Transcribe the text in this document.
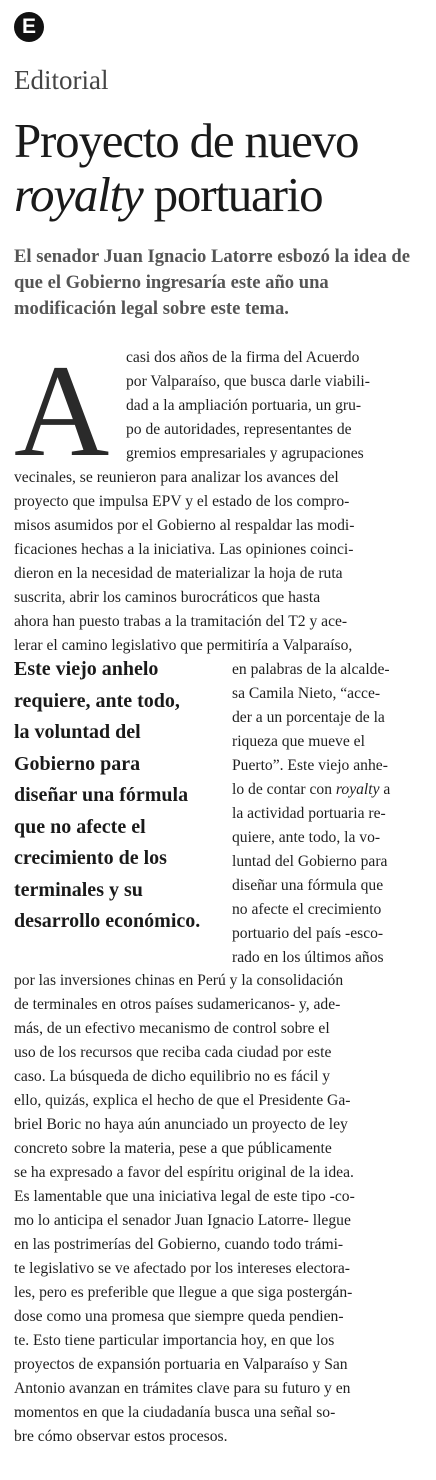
E
Editorial
Proyecto de nuevo
royalty portuario

El senador Juan Ignacio Latorre esbozó la idea de que el Gobierno ingresaría este año una modificación legal sobre este tema.

A casi dos años de la firma del Acuerdo
por Valparaíso, que busca darle viabili-
dad a la ampliación portuaria, un gru-
po de autoridades, representantes de
gremios empresariales y agrupaciones

vecinales, se reunieron para analizar los avances del
proyecto que impulsa EPV y el estado de los compro-
misos asumidos por el Gobierno al respaldar las modi-
ficaciones hechas a la iniciativa. Las opiniones coinci-
dieron en la necesidad de materializar la hoja de ruta
suscrita, abrir los caminos burocráticos que hasta
ahora han puesto trabas a la tramitación del T2 y ace-
lerar el camino legislativo que permitiría a Valparaíso,

Este viejo anhelo
requiere, ante todo,
la voluntad del
Gobierno para
diseñar una fórmula
que no afecte el
crecimiento de los
terminales y su
desarrollo económico.

en palabras de la alcalde-
sa Camila Nieto, “acce-
der a un porcentaje de la
riqueza que mueve el
Puerto”. Este viejo anhe-
lo de contar con royalty a
la actividad portuaria re-
quiere, ante todo, la vo-
luntad del Gobierno para
diseñar una fórmula que
no afecte el crecimiento
portuario del país -esco-
rado en los últimos años

por las inversiones chinas en Perú y la consolidación
de terminales en otros países sudamericanos- y, ade-
más, de un efectivo mecanismo de control sobre el
uso de los recursos que reciba cada ciudad por este
caso. La búsqueda de dicho equilibrio no es fácil y
ello, quizás, explica el hecho de que el Presidente Ga-
briel Boric no haya aún anunciado un proyecto de ley
concreto sobre la materia, pese a que públicamente
se ha expresado a favor del espíritu original de la idea.
Es lamentable que una iniciativa legal de este tipo -co-
mo lo anticipa el senador Juan Ignacio Latorre- llegue
en las postrimerías del Gobierno, cuando todo trámi-
te legislativo se ve afectado por los intereses electora-
les, pero es preferible que llegue a que siga postergán-
dose como una promesa que siempre queda pendien-
te. Esto tiene particular importancia hoy, en que los
proyectos de expansión portuaria en Valparaíso y San
Antonio avanzan en trámites clave para su futuro y en
momentos en que la ciudadanía busca una señal so-
bre cómo observar estos procesos.
